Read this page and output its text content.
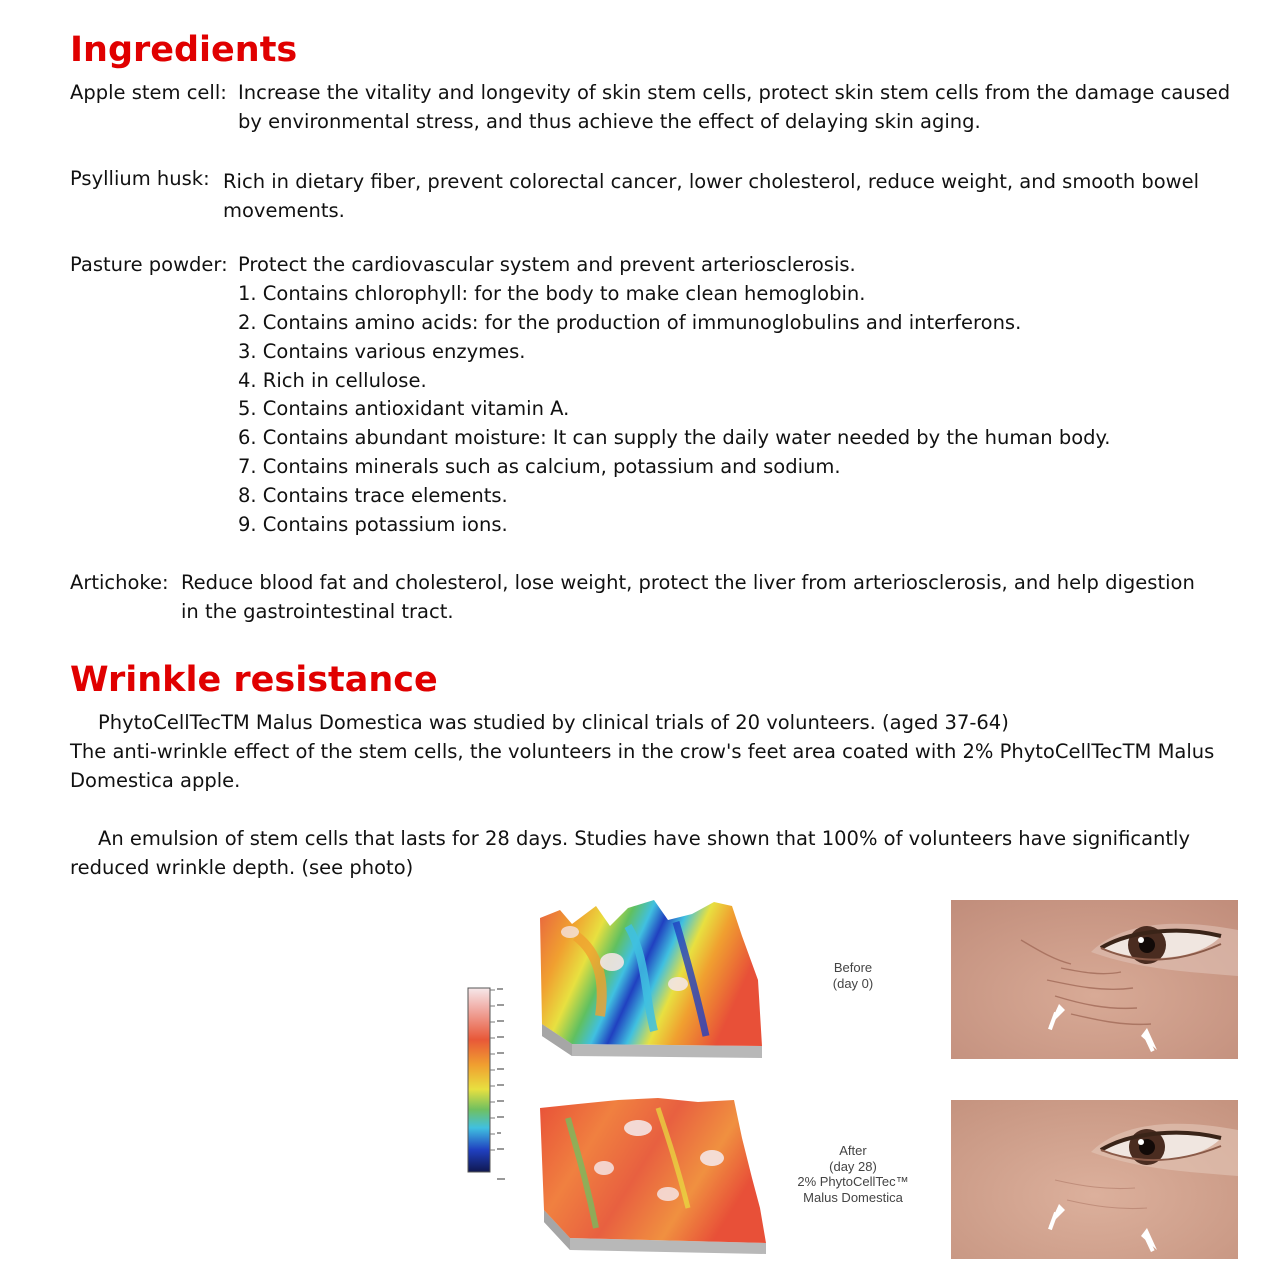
Ingredients
Apple stem cell: Increase the vitality and longevity of skin stem cells, protect skin stem cells from the damage caused
by environmental stress, and thus achieve the effect of delaying skin aging.
Psyllium husk: Rich in dietary fiber, prevent colorectal cancer, lower cholesterol, reduce weight, and smooth bowel
movements.
Pasture powder: Protect the cardiovascular system and prevent arteriosclerosis.
1. Contains chlorophyll: for the body to make clean hemoglobin.
2. Contains amino acids: for the production of immunoglobulins and interferons.
3. Contains various enzymes.
4. Rich in cellulose.
5. Contains antioxidant vitamin A.
6. Contains abundant moisture: It can supply the daily water needed by the human body.
7. Contains minerals such as calcium, potassium and sodium.
8. Contains trace elements.
9. Contains potassium ions.
Artichoke: Reduce blood fat and cholesterol, lose weight, protect the liver from arteriosclerosis, and help digestion
in the gastrointestinal tract.
Wrinkle resistance
PhytoCellTecTM Malus Domestica was studied by clinical trials of 20 volunteers. (aged 37-64)
The anti-wrinkle effect of the stem cells, the volunteers in the crow's feet area coated with 2% PhytoCellTecTM Malus
Domestica apple.
An emulsion of stem cells that lasts for 28 days. Studies have shown that 100% of volunteers have significantly
reduced wrinkle depth. (see photo)
Before
(day 0)
After
(day 28)
2% PhytoCellTec™
Malus Domestica
